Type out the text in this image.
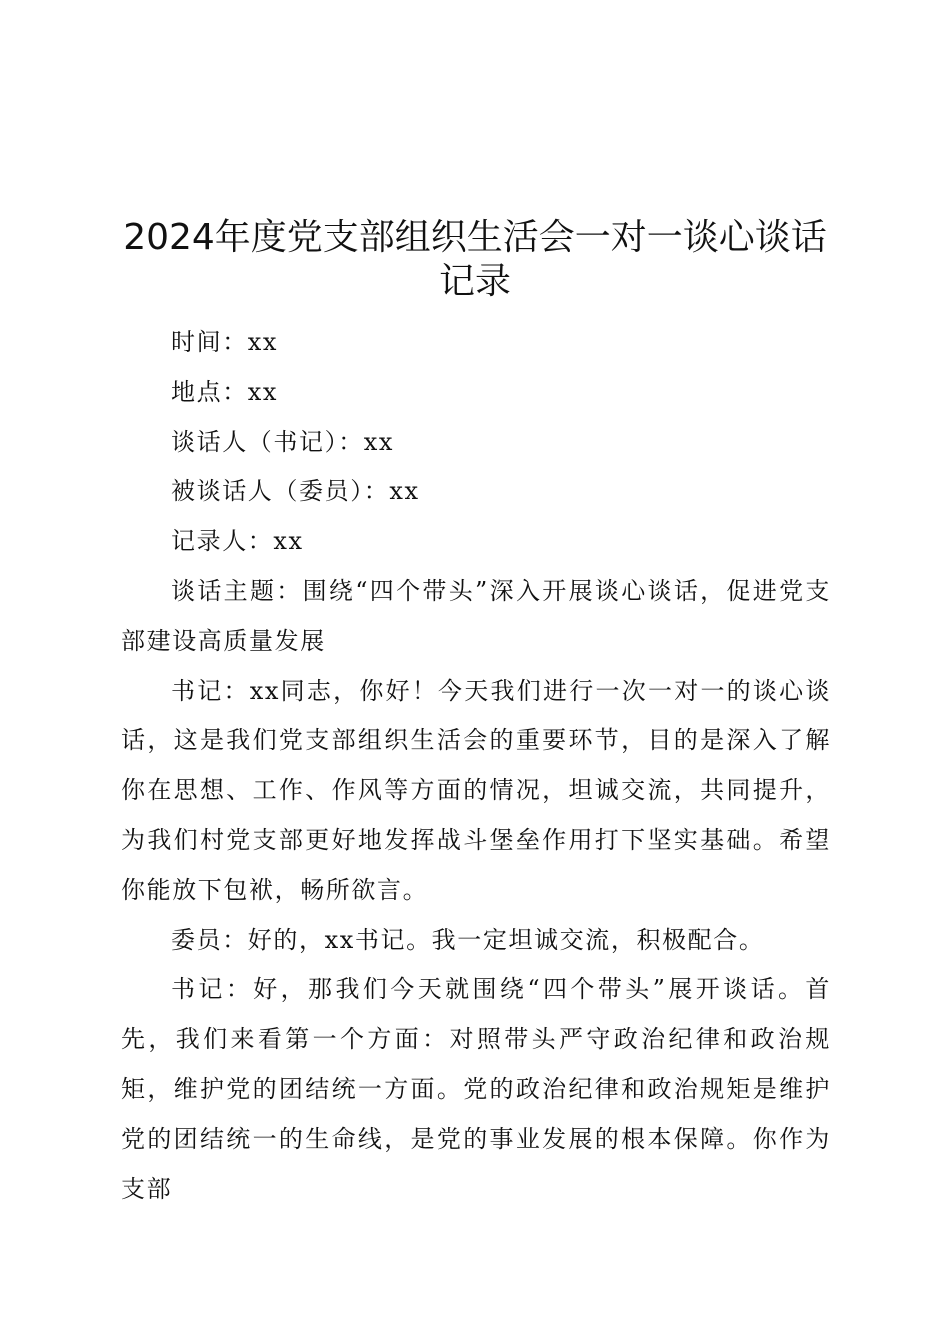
2024年度党支部组织生活会一对一谈心谈话
记录

时间：xx

地点：xx

谈话人（书记）：xx

被谈话人（委员）：xx

记录人：xx

谈话主题：围绕“四个带头”深入开展谈心谈话，促进党支部建设高质量发展

书记：xx同志，你好！今天我们进行一次一对一的谈心谈话，这是我们党支部组织生活会的重要环节，目的是深入了解你在思想、工作、作风等方面的情况，坦诚交流，共同提升，为我们村党支部更好地发挥战斗堡垒作用打下坚实基础。希望你能放下包袱，畅所欲言。

委员：好的，xx书记。我一定坦诚交流，积极配合。

书记：好，那我们今天就围绕“四个带头”展开谈话。首先，我们来看第一个方面：对照带头严守政治纪律和政治规矩，维护党的团结统一方面。党的政治纪律和政治规矩是维护党的团结统一的生命线，是党的事业发展的根本保障。你作为支部
